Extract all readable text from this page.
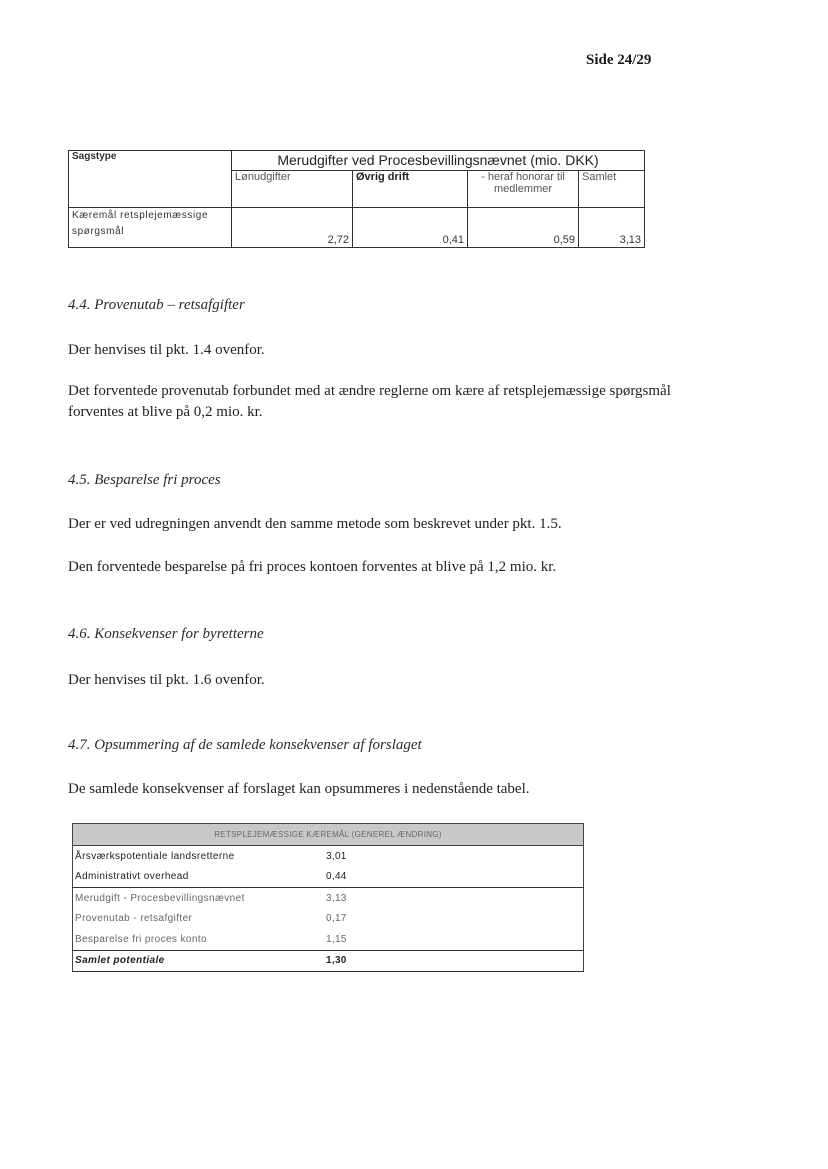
Side 24/29
Sagstype	Merudgifter ved Procesbevillingsnævnet (mio. DKK)			
	Lønudgifter	Øvrig drift	- heraf honorar til medlemmer	Samlet
Kæremål retsplejemæssige spørgsmål	2,72	0,41	0,59	3,13
4.4. Provenutab – retsafgifter
Der henvises til pkt. 1.4 ovenfor.
Det forventede provenutab forbundet med at ændre reglerne om kære af retsplejemæssige spørgsmål forventes at blive på 0,2 mio. kr.
4.5. Besparelse fri proces
Der er ved udregningen anvendt den samme metode som beskrevet under pkt. 1.5.
Den forventede besparelse på fri proces kontoen forventes at blive på 1,2 mio. kr.
4.6. Konsekvenser for byretterne
Der henvises til pkt. 1.6 ovenfor.
4.7. Opsummering af de samlede konsekvenser af forslaget
De samlede konsekvenser af forslaget kan opsummeres i nedenstående tabel.
RETSPLEJEMÆSSIGE KÆREMÅL (GENEREL ÆNDRING)	
Årsværkspotentiale landsretterne	3,01
Administrativt overhead	0,44
Merudgift - Procesbevillingsnævnet	3,13
Provenutab - retsafgifter	0,17
Besparelse fri proces konto	1,15
Samlet potentiale	1,30
